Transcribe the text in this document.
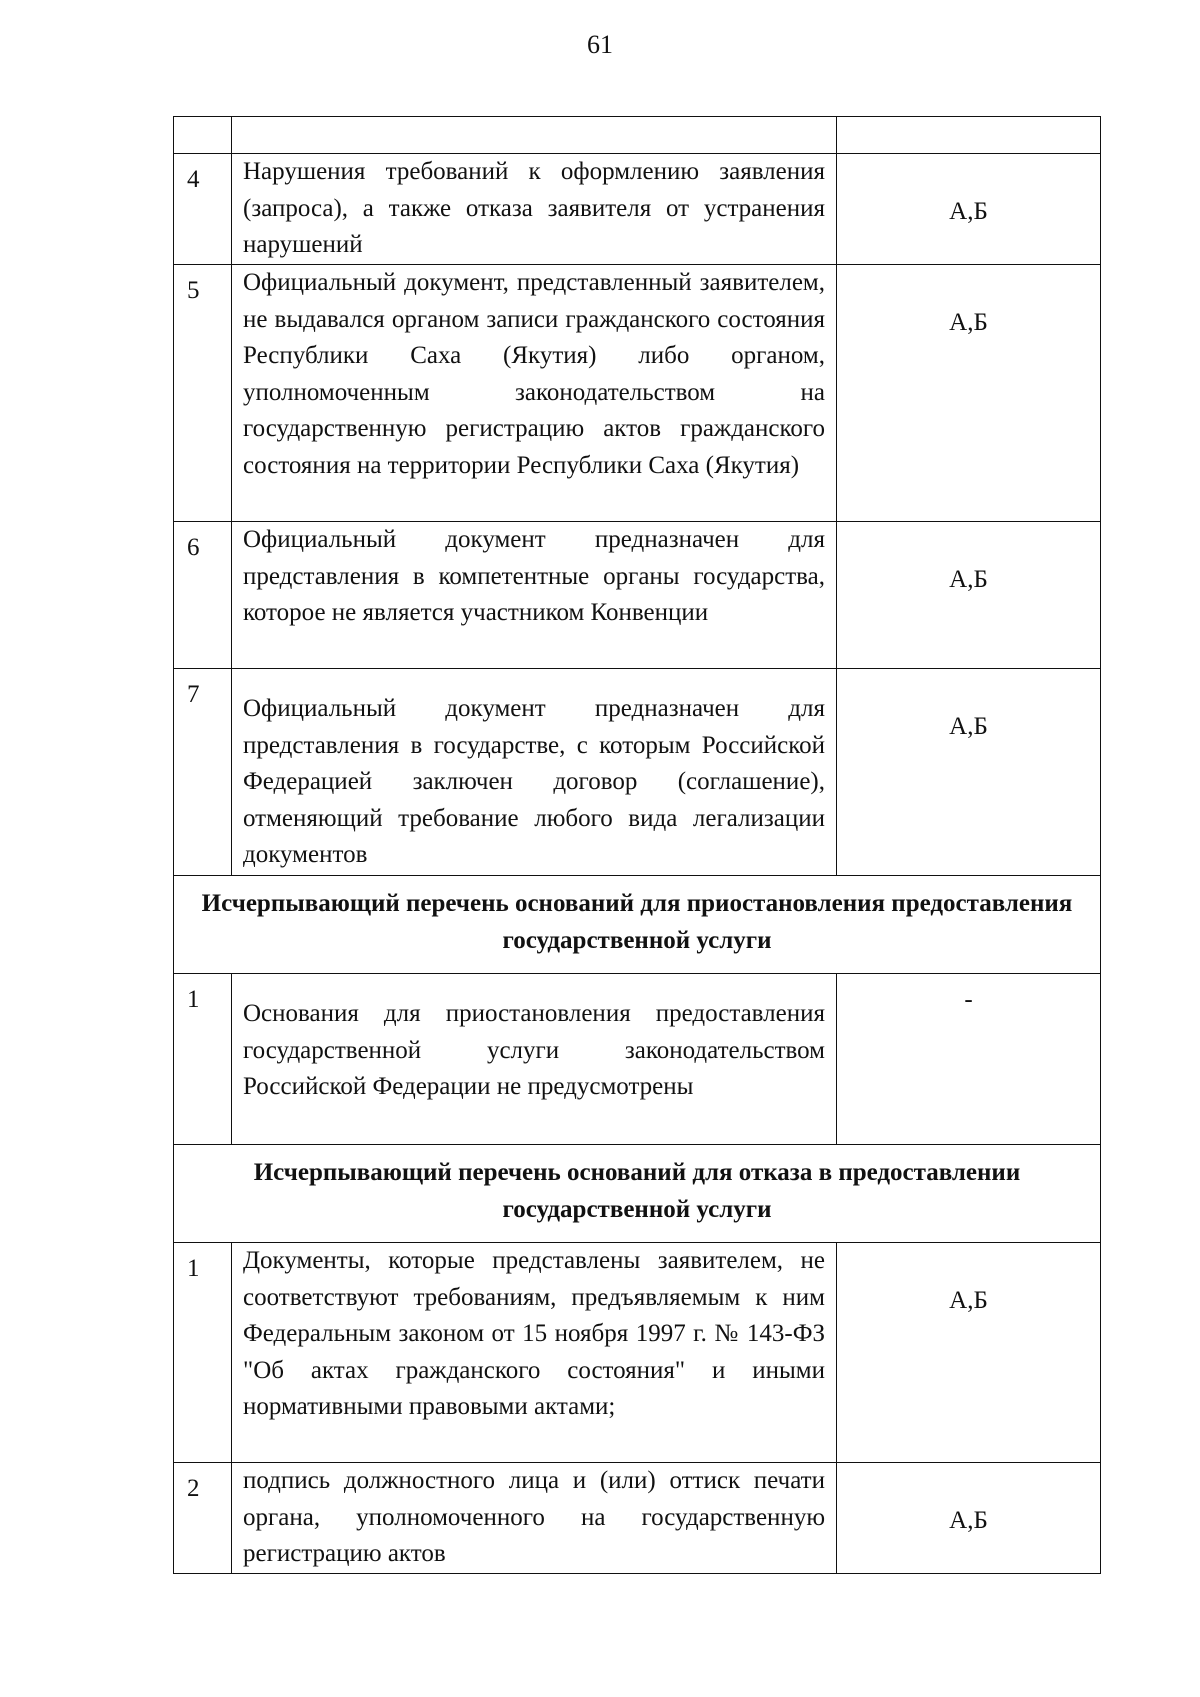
61

4	Нарушения требований к оформлению заявления (запроса), а также отказа заявителя от устранения нарушений	А,Б
5	Официальный документ, представленный заявителем, не выдавался органом записи гражданского состояния Республики Саха (Якутия) либо органом, уполномоченным законодательством на государственную регистрацию актов гражданского состояния на территории Республики Саха (Якутия)	А,Б
6	Официальный документ предназначен для представления в компетентные органы государства, которое не является участником Конвенции	А,Б
7	Официальный документ предназначен для представления в государстве, с которым Российской Федерацией заключен договор (соглашение), отменяющий требование любого вида легализации документов	А,Б
Исчерпывающий перечень оснований для приостановления предоставления государственной услуги		
1	Основания для приостановления предоставления государственной услуги законодательством Российской Федерации не предусмотрены	-
Исчерпывающий перечень оснований для отказа в предоставлении государственной услуги		
1	Документы, которые представлены заявителем, не соответствуют требованиям, предъявляемым к ним Федеральным законом от 15 ноября 1997 г. № 143-ФЗ "Об актах гражданского состояния" и иными нормативными правовыми актами;	А,Б
2	подпись должностного лица и (или) оттиск печати органа, уполномоченного на государственную регистрацию актов	А,Б
